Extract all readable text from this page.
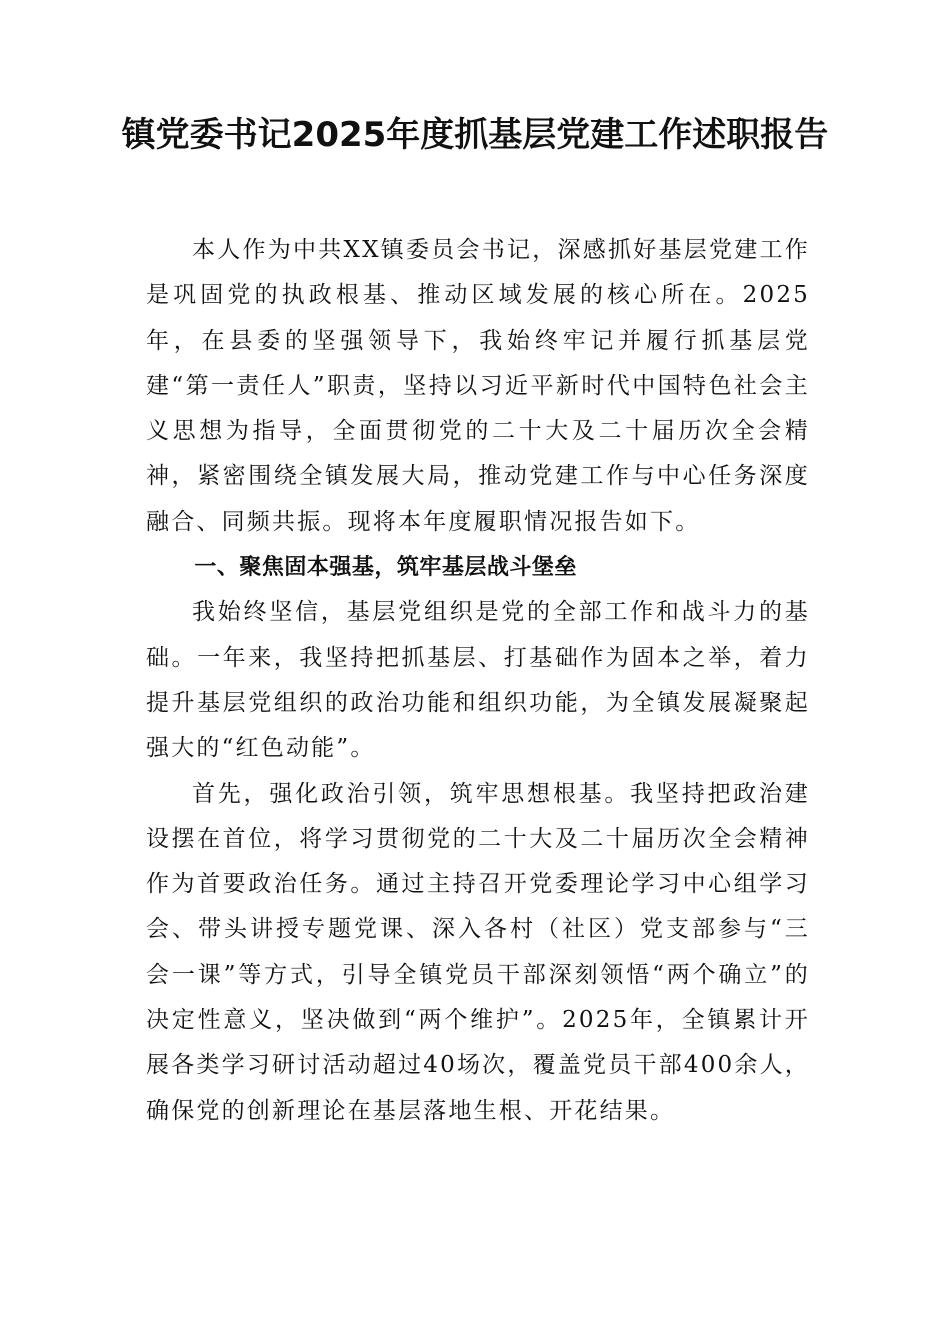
镇党委书记2025年度抓基层党建工作述职报告

本人作为中共XX镇委员会书记，深感抓好基层党建工作是巩固党的执政根基、推动区域发展的核心所在。2025年，在县委的坚强领导下，我始终牢记并履行抓基层党建“第一责任人”职责，坚持以习近平新时代中国特色社会主义思想为指导，全面贯彻党的二十大及二十届历次全会精神，紧密围绕全镇发展大局，推动党建工作与中心任务深度融合、同频共振。现将本年度履职情况报告如下。

一、聚焦固本强基，筑牢基层战斗堡垒

我始终坚信，基层党组织是党的全部工作和战斗力的基础。一年来，我坚持把抓基层、打基础作为固本之举，着力提升基层党组织的政治功能和组织功能，为全镇发展凝聚起强大的“红色动能”。

首先，强化政治引领，筑牢思想根基。我坚持把政治建设摆在首位，将学习贯彻党的二十大及二十届历次全会精神作为首要政治任务。通过主持召开党委理论学习中心组学习会、带头讲授专题党课、深入各村（社区）党支部参与“三会一课”等方式，引导全镇党员干部深刻领悟“两个确立”的决定性意义，坚决做到“两个维护”。2025年，全镇累计开展各类学习研讨活动超过40场次，覆盖党员干部400余人，确保党的创新理论在基层落地生根、开花结果。
